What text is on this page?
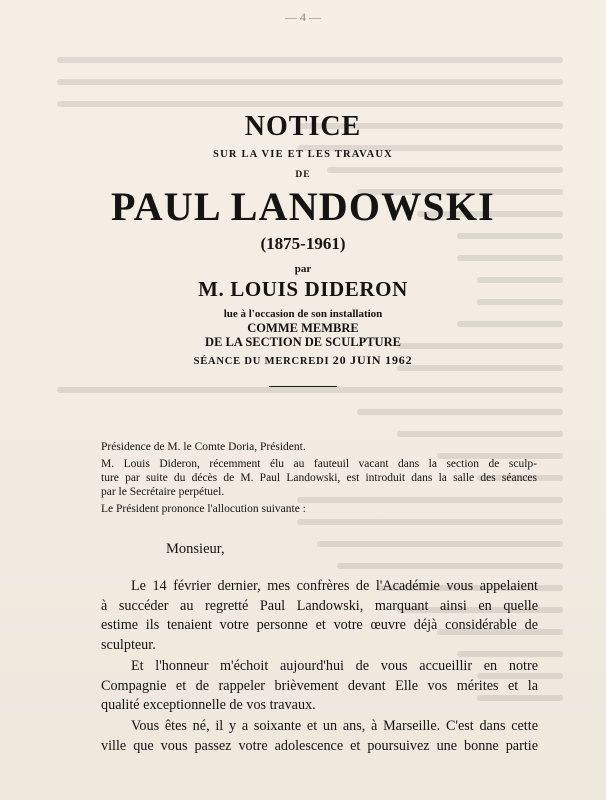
— 4 —
NOTICE
SUR LA VIE ET LES TRAVAUX
DE
PAUL LANDOWSKI
(1875-1961)
par
M. LOUIS DIDERON
lue à l'occasion de son installation
COMME MEMBRE
DE LA SECTION DE SCULPTURE
SÉANCE DU MERCREDI 20 JUIN 1962
Présidence de M. le Comte Doria, Président.
M. Louis Dideron, récemment élu au fauteuil vacant dans la section de sculp-
ture par suite du décès de M. Paul Landowski, est introduit dans la salle des séances
par le Secrétaire perpétuel.
Le Président prononce l'allocution suivante :
Monsieur,
Le 14 février dernier, mes confrères de l'Académie vous appelaient
à succéder au regretté Paul Landowski, marquant ainsi en quelle
estime ils tenaient votre personne et votre œuvre déjà considérable de
sculpteur.
Et l'honneur m'échoit aujourd'hui de vous accueillir en notre
Compagnie et de rappeler brièvement devant Elle vos mérites et la
qualité exceptionnelle de vos travaux.
Vous êtes né, il y a soixante et un ans, à Marseille. C'est dans cette
ville que vous passez votre adolescence et poursuivez une bonne partie
